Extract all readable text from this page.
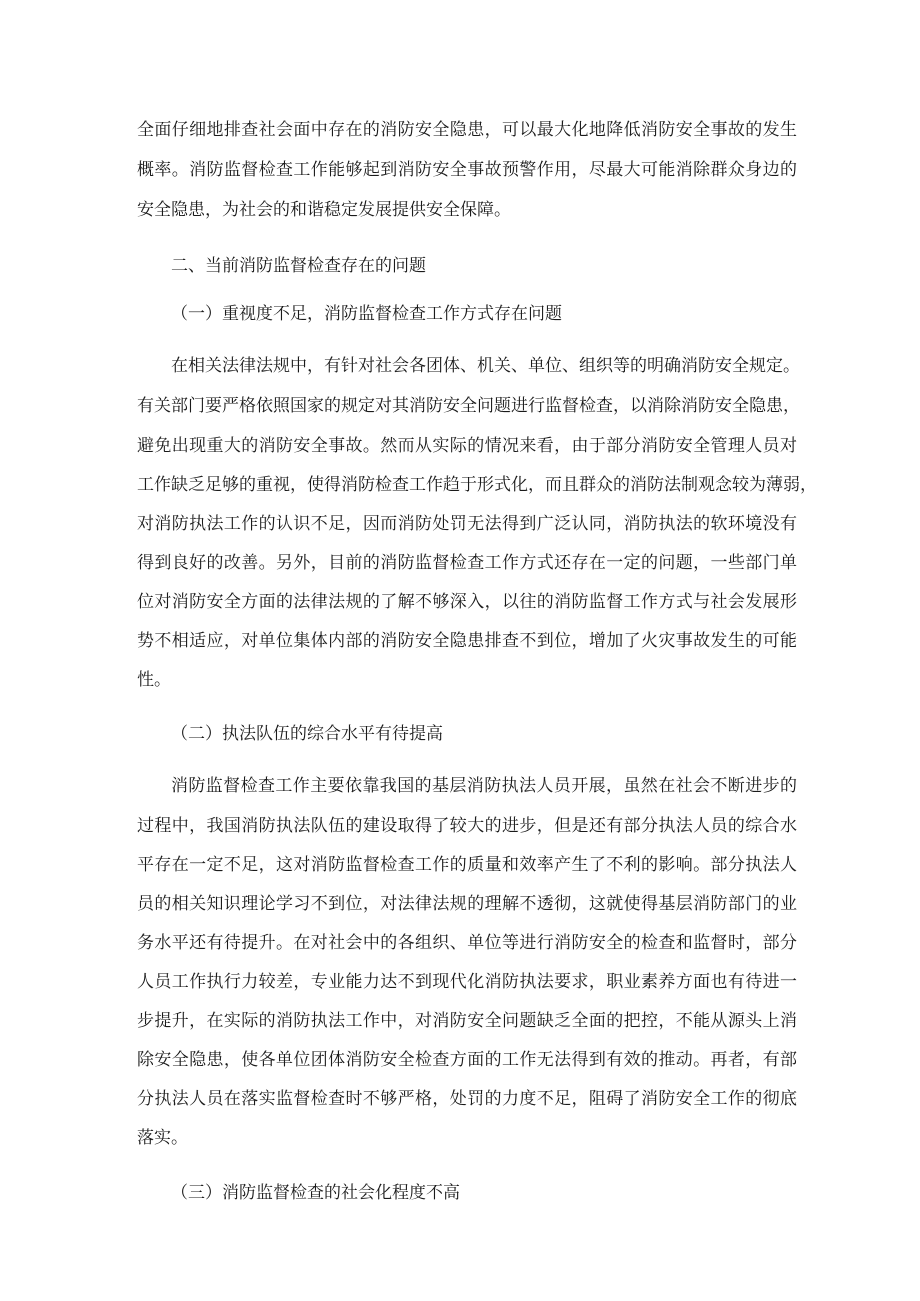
全面仔细地排查社会面中存在的消防安全隐患，可以最大化地降低消防安全事故的发生
概率。消防监督检查工作能够起到消防安全事故预警作用，尽最大可能消除群众身边的
安全隐患，为社会的和谐稳定发展提供安全保障。
二、当前消防监督检查存在的问题
（一）重视度不足，消防监督检查工作方式存在问题
在相关法律法规中，有针对社会各团体、机关、单位、组织等的明确消防安全规定。
有关部门要严格依照国家的规定对其消防安全问题进行监督检查，以消除消防安全隐患，
避免出现重大的消防安全事故。然而从实际的情况来看，由于部分消防安全管理人员对
工作缺乏足够的重视，使得消防检查工作趋于形式化，而且群众的消防法制观念较为薄弱，
对消防执法工作的认识不足，因而消防处罚无法得到广泛认同，消防执法的软环境没有
得到良好的改善。另外，目前的消防监督检查工作方式还存在一定的问题，一些部门单
位对消防安全方面的法律法规的了解不够深入，以往的消防监督工作方式与社会发展形
势不相适应，对单位集体内部的消防安全隐患排查不到位，增加了火灾事故发生的可能
性。
（二）执法队伍的综合水平有待提高
消防监督检查工作主要依靠我国的基层消防执法人员开展，虽然在社会不断进步的
过程中，我国消防执法队伍的建设取得了较大的进步，但是还有部分执法人员的综合水
平存在一定不足，这对消防监督检查工作的质量和效率产生了不利的影响。部分执法人
员的相关知识理论学习不到位，对法律法规的理解不透彻，这就使得基层消防部门的业
务水平还有待提升。在对社会中的各组织、单位等进行消防安全的检查和监督时，部分
人员工作执行力较差，专业能力达不到现代化消防执法要求，职业素养方面也有待进一
步提升，在实际的消防执法工作中，对消防安全问题缺乏全面的把控，不能从源头上消
除安全隐患，使各单位团体消防安全检查方面的工作无法得到有效的推动。再者，有部
分执法人员在落实监督检查时不够严格，处罚的力度不足，阻碍了消防安全工作的彻底
落实。
（三）消防监督检查的社会化程度不高
